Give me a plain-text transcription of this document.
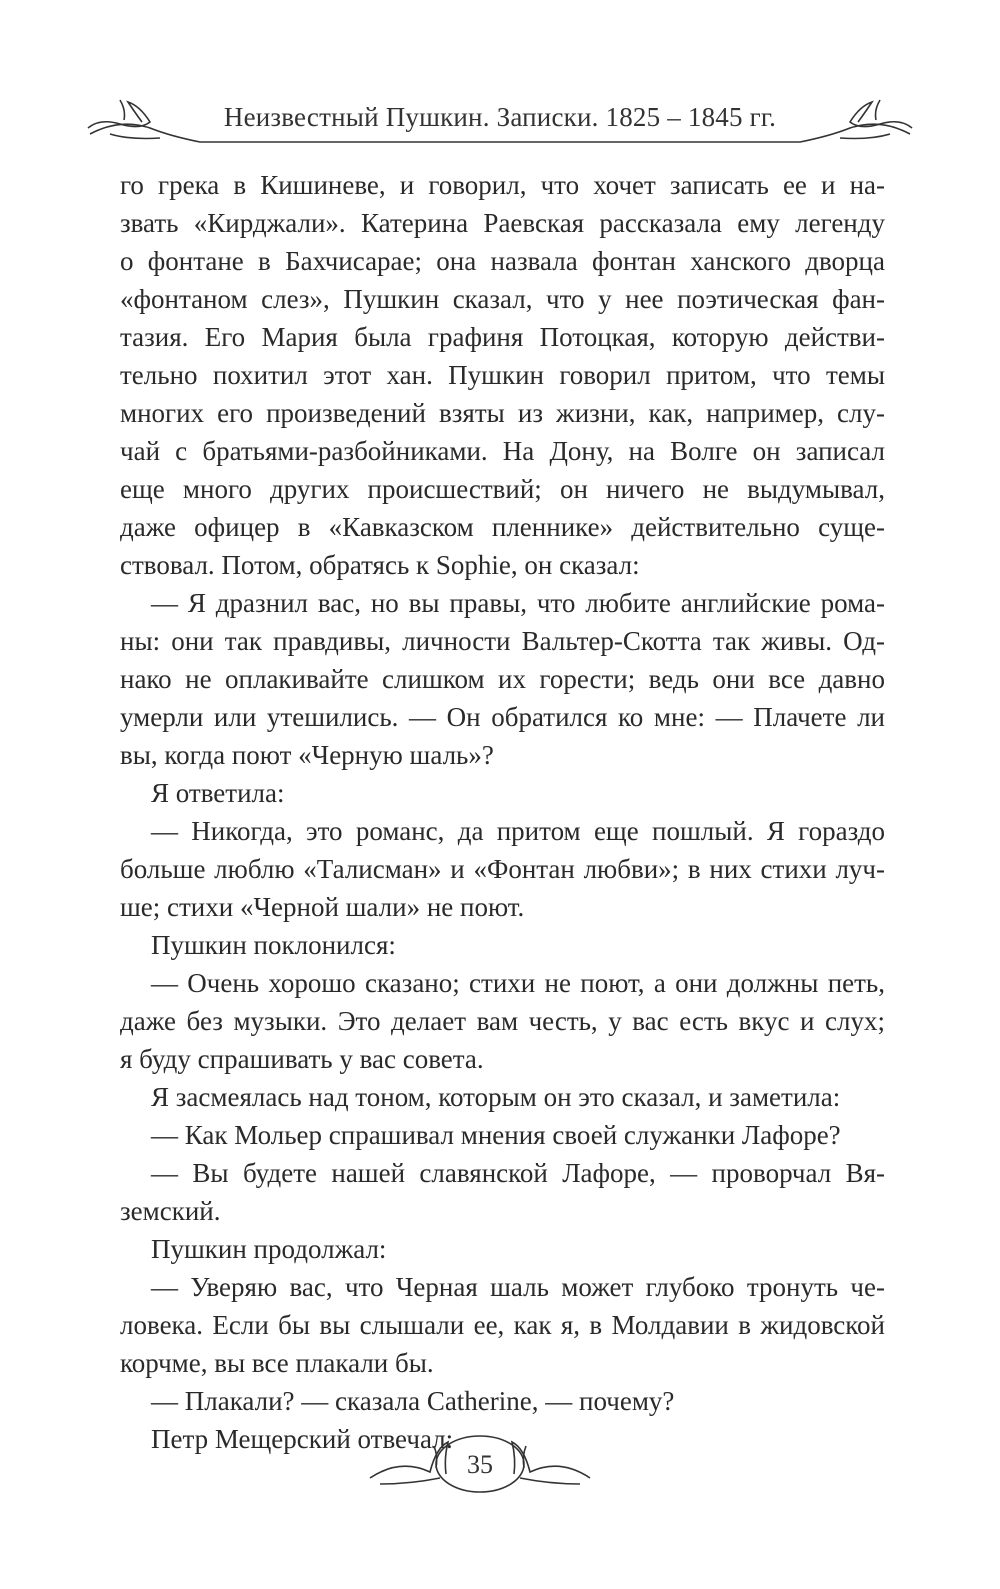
Неизвестный Пушкин. Записки. 1825 – 1845 гг.
го грека в Кишиневе, и говорил, что хочет записать ее и на-
звать «Кирджали». Катерина Раевская рассказала ему легенду
о фонтане в Бахчисарае; она назвала фонтан ханского дворца
«фонтаном слез», Пушкин сказал, что у нее поэтическая фан-
тазия. Его Мария была графиня Потоцкая, которую действи-
тельно похитил этот хан. Пушкин говорил притом, что темы
многих его произведений взяты из жизни, как, например, слу-
чай с братьями-разбойниками. На Дону, на Волге он записал
еще много других происшествий; он ничего не выдумывал,
даже офицер в «Кавказском пленнике» действительно суще-
ствовал. Потом, обратясь к Sophie, он сказал:
— Я дразнил вас, но вы правы, что любите английские рома-
ны: они так правдивы, личности Вальтер-Скотта так живы. Од-
нако не оплакивайте слишком их горести; ведь они все давно
умерли или утешились. — Он обратился ко мне: — Плачете ли
вы, когда поют «Черную шаль»?
Я ответила:
— Никогда, это романс, да притом еще пошлый. Я гораздо
больше люблю «Талисман» и «Фонтан любви»; в них стихи луч-
ше; стихи «Черной шали» не поют.
Пушкин поклонился:
— Очень хорошо сказано; стихи не поют, а они должны петь,
даже без музыки. Это делает вам честь, у вас есть вкус и слух;
я буду спрашивать у вас совета.
Я засмеялась над тоном, которым он это сказал, и заметила:
— Как Мольер спрашивал мнения своей служанки Лафоре?
— Вы будете нашей славянской Лафоре, — проворчал Вя-
земский.
Пушкин продолжал:
— Уверяю вас, что Черная шаль может глубоко тронуть че-
ловека. Если бы вы слышали ее, как я, в Молдавии в жидовской
корчме, вы все плакали бы.
— Плакали? — сказала Catherine, — почему?
Петр Мещерский отвечал:
35
